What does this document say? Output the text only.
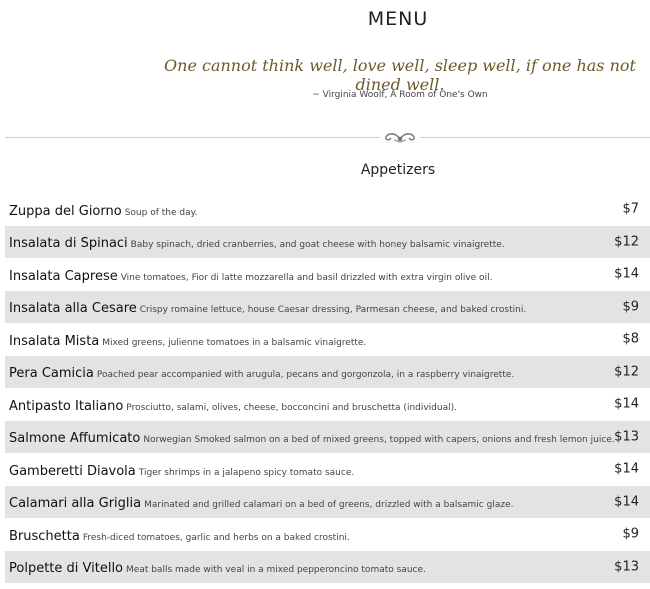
MENU
One cannot think well, love well, sleep well, if one has not dined well.
~ Virginia Woolf, A Room of One's Own
Appetizers
Zuppa del Giorno Soup of the day.	$7
Insalata di Spinaci Baby spinach, dried cranberries, and goat cheese with honey balsamic vinaigrette.	$12
Insalata Caprese Vine tomatoes, Fior di latte mozzarella and basil drizzled with extra virgin olive oil.	$14
Insalata alla Cesare Crispy romaine lettuce, house Caesar dressing, Parmesan cheese, and baked crostini.	$9
Insalata Mista Mixed greens, julienne tomatoes in a balsamic vinaigrette.	$8
Pera Camicia Poached pear accompanied with arugula, pecans and gorgonzola, in a raspberry vinaigrette.	$12
Antipasto Italiano Prosciutto, salami, olives, cheese, bocconcini and bruschetta (individual).	$14
Salmone Affumicato Norwegian Smoked salmon on a bed of mixed greens, topped with capers, onions and fresh lemon juice. $13
Gamberetti Diavola Tiger shrimps in a jalapeno spicy tomato sauce.	$14
Calamari alla Griglia Marinated and grilled calamari on a bed of greens, drizzled with a balsamic glaze.	$14
Bruschetta Fresh-diced tomatoes, garlic and herbs on a baked crostini.	$9
Polpette di Vitello Meat balls made with veal in a mixed pepperoncino tomato sauce.	$13
